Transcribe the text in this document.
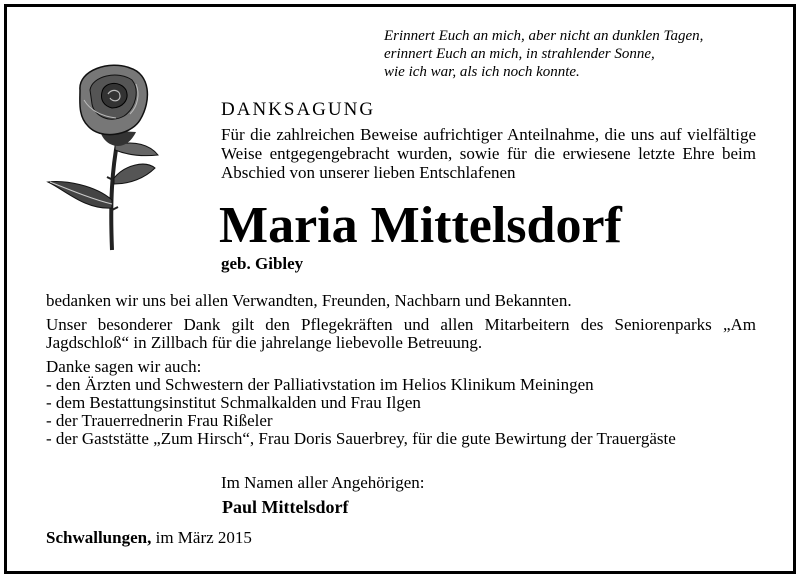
Erinnert Euch an mich, aber nicht an dunklen Tagen,
erinnert Euch an mich, in strahlender Sonne,
wie ich war, als ich noch konnte.
DANKSAGUNG
Für die zahlreichen Beweise aufrichtiger Anteilnahme, die uns auf vielfältige Weise entgegengebracht wurden, sowie für die erwiesene letzte Ehre beim Abschied von unserer lieben Entschlafenen
Maria Mittelsdorf
geb. Gibley

bedanken wir uns bei allen Verwandten, Freunden, Nachbarn und Bekannten.

Unser besonderer Dank gilt den Pflegekräften und allen Mitarbeitern des Seniorenparks „Am Jagdschloß“ in Zillbach für die jahrelange liebevolle Betreuung.

Danke sagen wir auch:

- den Ärzten und Schwestern der Palliativstation im Helios Klinikum Meiningen

- dem Bestattungsinstitut Schmalkalden und Frau Ilgen

- der Trauerrednerin Frau Rißeler

- der Gaststätte „Zum Hirsch“, Frau Doris Sauerbrey, für die gute Bewirtung der Trauergäste

Im Namen aller Angehörigen:
Paul Mittelsdorf
Schwallungen, im März 2015
